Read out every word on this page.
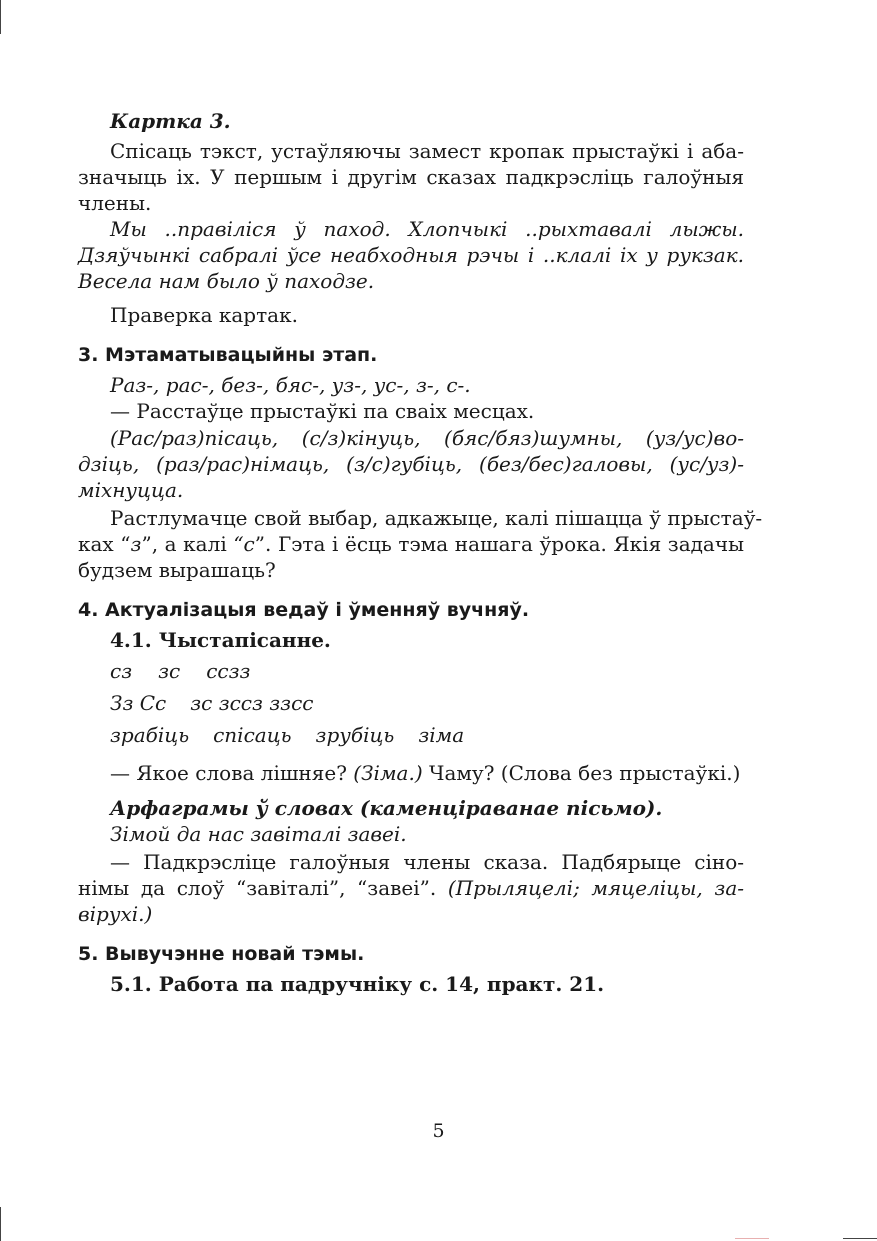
Картка 3.
Спісаць тэкст, устаўляючы замест кропак прыстаўкі і аба-
значыць іх. У першым і другім сказах падкрэсліць галоўныя
члены.
Мы ..правіліся ў паход. Хлопчыкі ..рыхтавалі лыжы.
Дзяўчынкі сабралі ўсе неабходныя рэчы і ..клалі іх у рукзак.
Весела нам было ў паходзе.
Праверка картак.
3. Мэтаматывацыйны этап.
Раз-, рас-, без-, бяс-, уз-, ус-, з-, с-.
— Расстаўце прыстаўкі па сваіх месцах.
(Рас/раз)пісаць, (с/з)кінуць, (бяс/бяз)шумны, (уз/ус)во-
дзіць, (раз/рас)німаць, (з/с)губіць, (без/бес)галовы, (ус/уз)-
міхнуцца.
Растлумачце свой выбар, адкажыце, калі пішацца ў прыстаў-
ках “з”, а калі “с”. Гэта і ёсць тэма нашага ўрока. Якія задачы
будзем вырашаць?
4. Актуалізацыя ведаў і ўменняў вучняў.
4.1. Чыстапісанне.
сз зс ссзз
Зз Сс зс зсcз ззсс
зрабіць спісаць зрубіць зіма
— Якое слова лішняе? (Зіма.) Чаму? (Слова без прыстаўкі.)
Арфаграмы ў словах (каменціраванае пісьмо).
Зімой да нас завіталі завеі.
— Падкрэсліце галоўныя члены сказа. Падбярыце сіно-
німы да слоў “завіталі”, “завеі”. (Прыляцелі; мяцеліцы, за-
вірухі.)
5. Вывучэнне новай тэмы.
5.1. Работа па падручніку с. 14, практ. 21.
5
